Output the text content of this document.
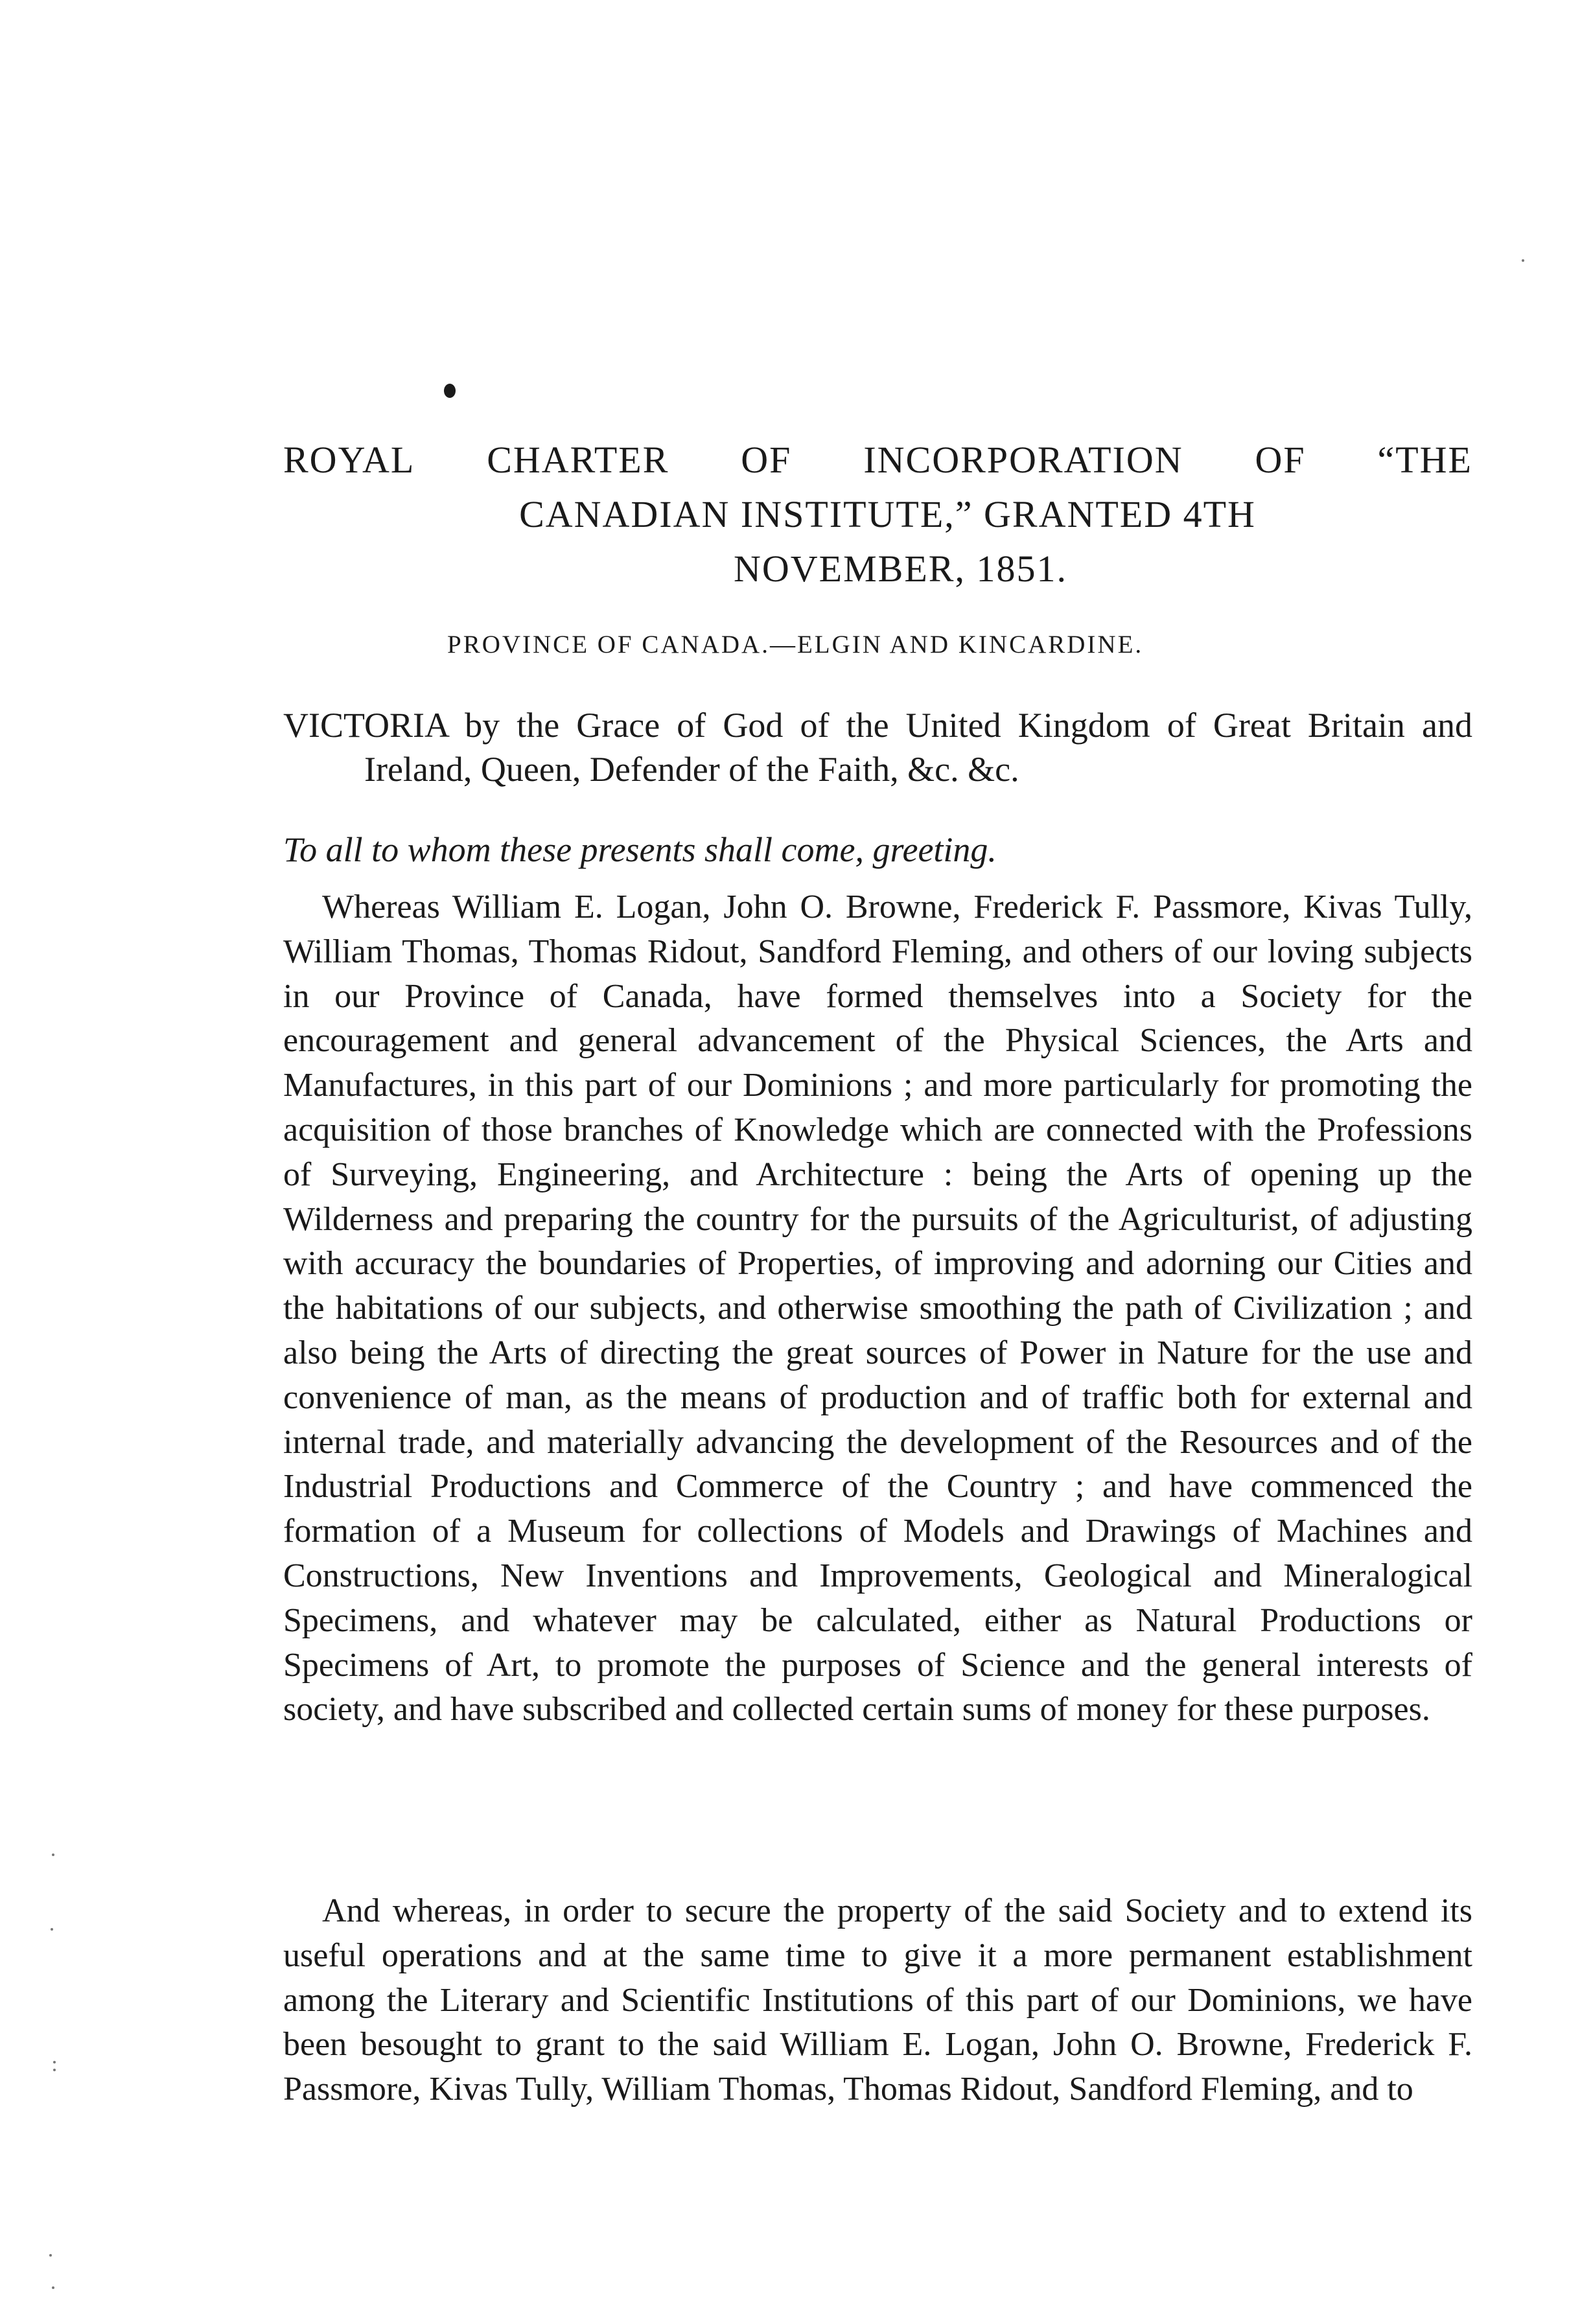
ROYAL CHARTER OF INCORPORATION OF “THE
CANADIAN INSTITUTE,” GRANTED 4TH
NOVEMBER, 1851.
PROVINCE OF CANADA.—ELGIN AND KINCARDINE.
VICTORIA by the Grace of God of the United Kingdom of Great Britain and Ireland, Queen, Defender of the Faith, &c. &c.
To all to whom these presents shall come, greeting.

Whereas William E. Logan, John O. Browne, Frederick F. Passmore, Kivas Tully, William Thomas, Thomas Ridout, Sandford Fleming, and others of our loving subjects in our Province of Canada, have formed themselves into a Society for the encouragement and general advancement of the Physical Sciences, the Arts and Manufactures, in this part of our Dominions ; and more particularly for promoting the acquisition of those branches of Knowledge which are connected with the Professions of Surveying, Engineering, and Architecture : being the Arts of opening up the Wilderness and preparing the country for the pursuits of the Agriculturist, of adjusting with accuracy the boundaries of Properties, of improving and adorning our Cities and the habitations of our subjects, and otherwise smoothing the path of Civilization ; and also being the Arts of directing the great sources of Power in Nature for the use and convenience of man, as the means of production and of traffic both for external and internal trade, and materially advancing the development of the Resources and of the Industrial Productions and Commerce of the Country ; and have commenced the formation of a Museum for collections of Models and Drawings of Machines and Constructions, New Inventions and Improvements, Geological and Mineralogical Specimens, and whatever may be calculated, either as Natural Productions or Specimens of Art, to promote the purposes of Science and the general interests of society, and have subscribed and collected certain sums of money for these purposes.

And whereas, in order to secure the property of the said Society and to extend its useful operations and at the same time to give it a more permanent establishment among the Literary and Scientific Institutions of this part of our Dominions, we have been besought to grant to the said William E. Logan, John O. Browne, Frederick F. Passmore, Kivas Tully, William Thomas, Thomas Ridout, Sandford Fleming, and to
